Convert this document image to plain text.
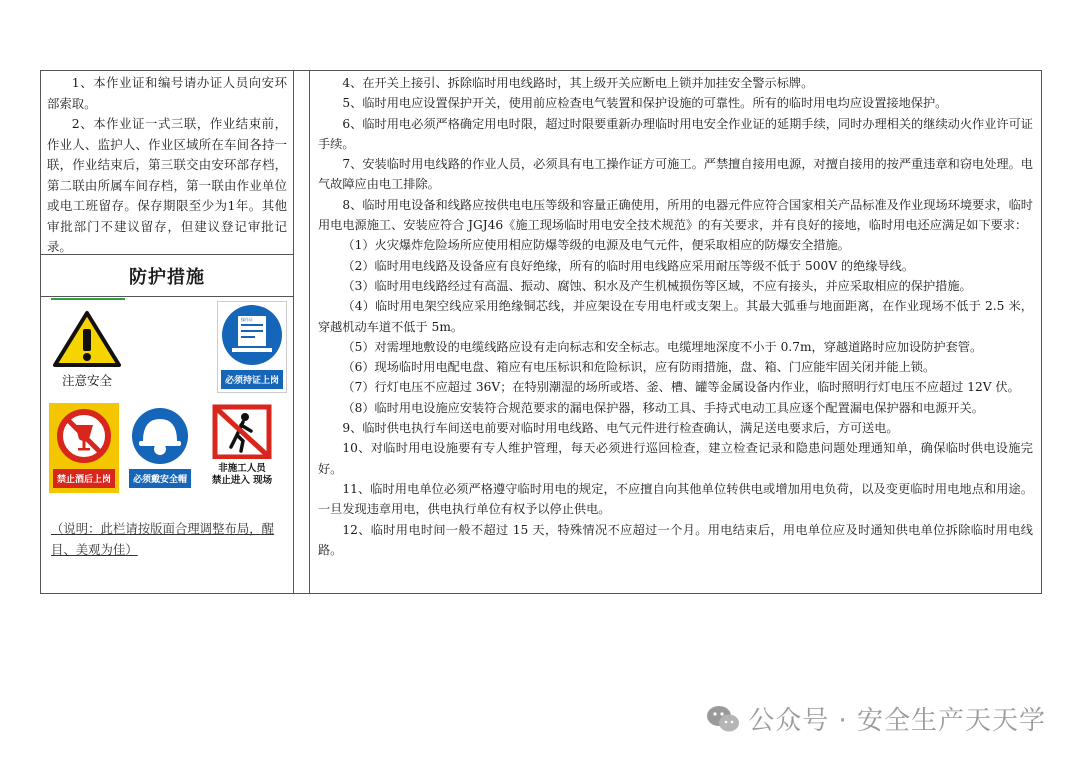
1、本作业证和编号请办证人员向安环部索取。

2、本作业证一式三联，作业结束前，作业人、监护人、作业区域所在车间各持一联，作业结束后，第三联交由安环部存档，第二联由所属车间存档，第一联由作业单位或电工班留存。保存期限至少为1年。其他审批部门不建议留存，但建议登记审批记录。

防护措施
注意安全
操作证
必须持证上岗
禁止酒后上岗	必须戴安全帽
非施工人员
禁止进入 现场
（说明：此栏请按版面合理调整布局，醒目、美观为佳）

4、在开关上接引、拆除临时用电线路时，其上级开关应断电上锁并加挂安全警示标牌。

5、临时用电应设置保护开关，使用前应检查电气装置和保护设施的可靠性。所有的临时用电均应设置接地保护。

6、临时用电必须严格确定用电时限，超过时限要重新办理临时用电安全作业证的延期手续，同时办理相关的继续动火作业许可证手续。

7、安装临时用电线路的作业人员，必须具有电工操作证方可施工。严禁擅自接用电源，对擅自接用的按严重违章和窃电处理。电气故障应由电工排除。

8、临时用电设备和线路应按供电电压等级和容量正确使用，所用的电器元件应符合国家相关产品标准及作业现场环境要求，临时用电电源施工、安装应符合 JGJ46《施工现场临时用电安全技术规范》的有关要求，并有良好的接地，临时用电还应满足如下要求：

（1）火灾爆炸危险场所应使用相应防爆等级的电源及电气元件，便采取相应的防爆安全措施。

（2）临时用电线路及设备应有良好绝缘，所有的临时用电线路应采用耐压等级不低于 500V 的绝缘导线。

（3）临时用电线路经过有高温、振动、腐蚀、积水及产生机械损伤等区域，不应有接头，并应采取相应的保护措施。

（4）临时用电架空线应采用绝缘铜芯线，并应架设在专用电杆或支架上。其最大弧垂与地面距离，在作业现场不低于 2.5 米，穿越机动车道不低于 5m。

（5）对需埋地敷设的电缆线路应设有走向标志和安全标志。电缆埋地深度不小于 0.7m，穿越道路时应加设防护套管。

（6）现场临时用电配电盘、箱应有电压标识和危险标识，应有防雨措施，盘、箱、门应能牢固关闭并能上锁。

（7）行灯电压不应超过 36V；在特别潮湿的场所或塔、釜、槽、罐等金属设备内作业，临时照明行灯电压不应超过 12V 伏。

（8）临时用电设施应安装符合规范要求的漏电保护器，移动工具、手持式电动工具应逐个配置漏电保护器和电源开关。

9、临时供电执行车间送电前要对临时用电线路、电气元件进行检查确认，满足送电要求后，方可送电。

10、对临时用电设施要有专人维护管理，每天必须进行巡回检查，建立检查记录和隐患问题处理通知单，确保临时供电设施完好。

11、临时用电单位必须严格遵守临时用电的规定，不应擅自向其他单位转供电或增加用电负荷，以及变更临时用电地点和用途。一旦发现违章用电，供电执行单位有权予以停止供电。

12、临时用电时间一般不超过 15 天，特殊情况不应超过一个月。用电结束后，用电单位应及时通知供电单位拆除临时用电线路。

公众号 · 安全生产天天学
